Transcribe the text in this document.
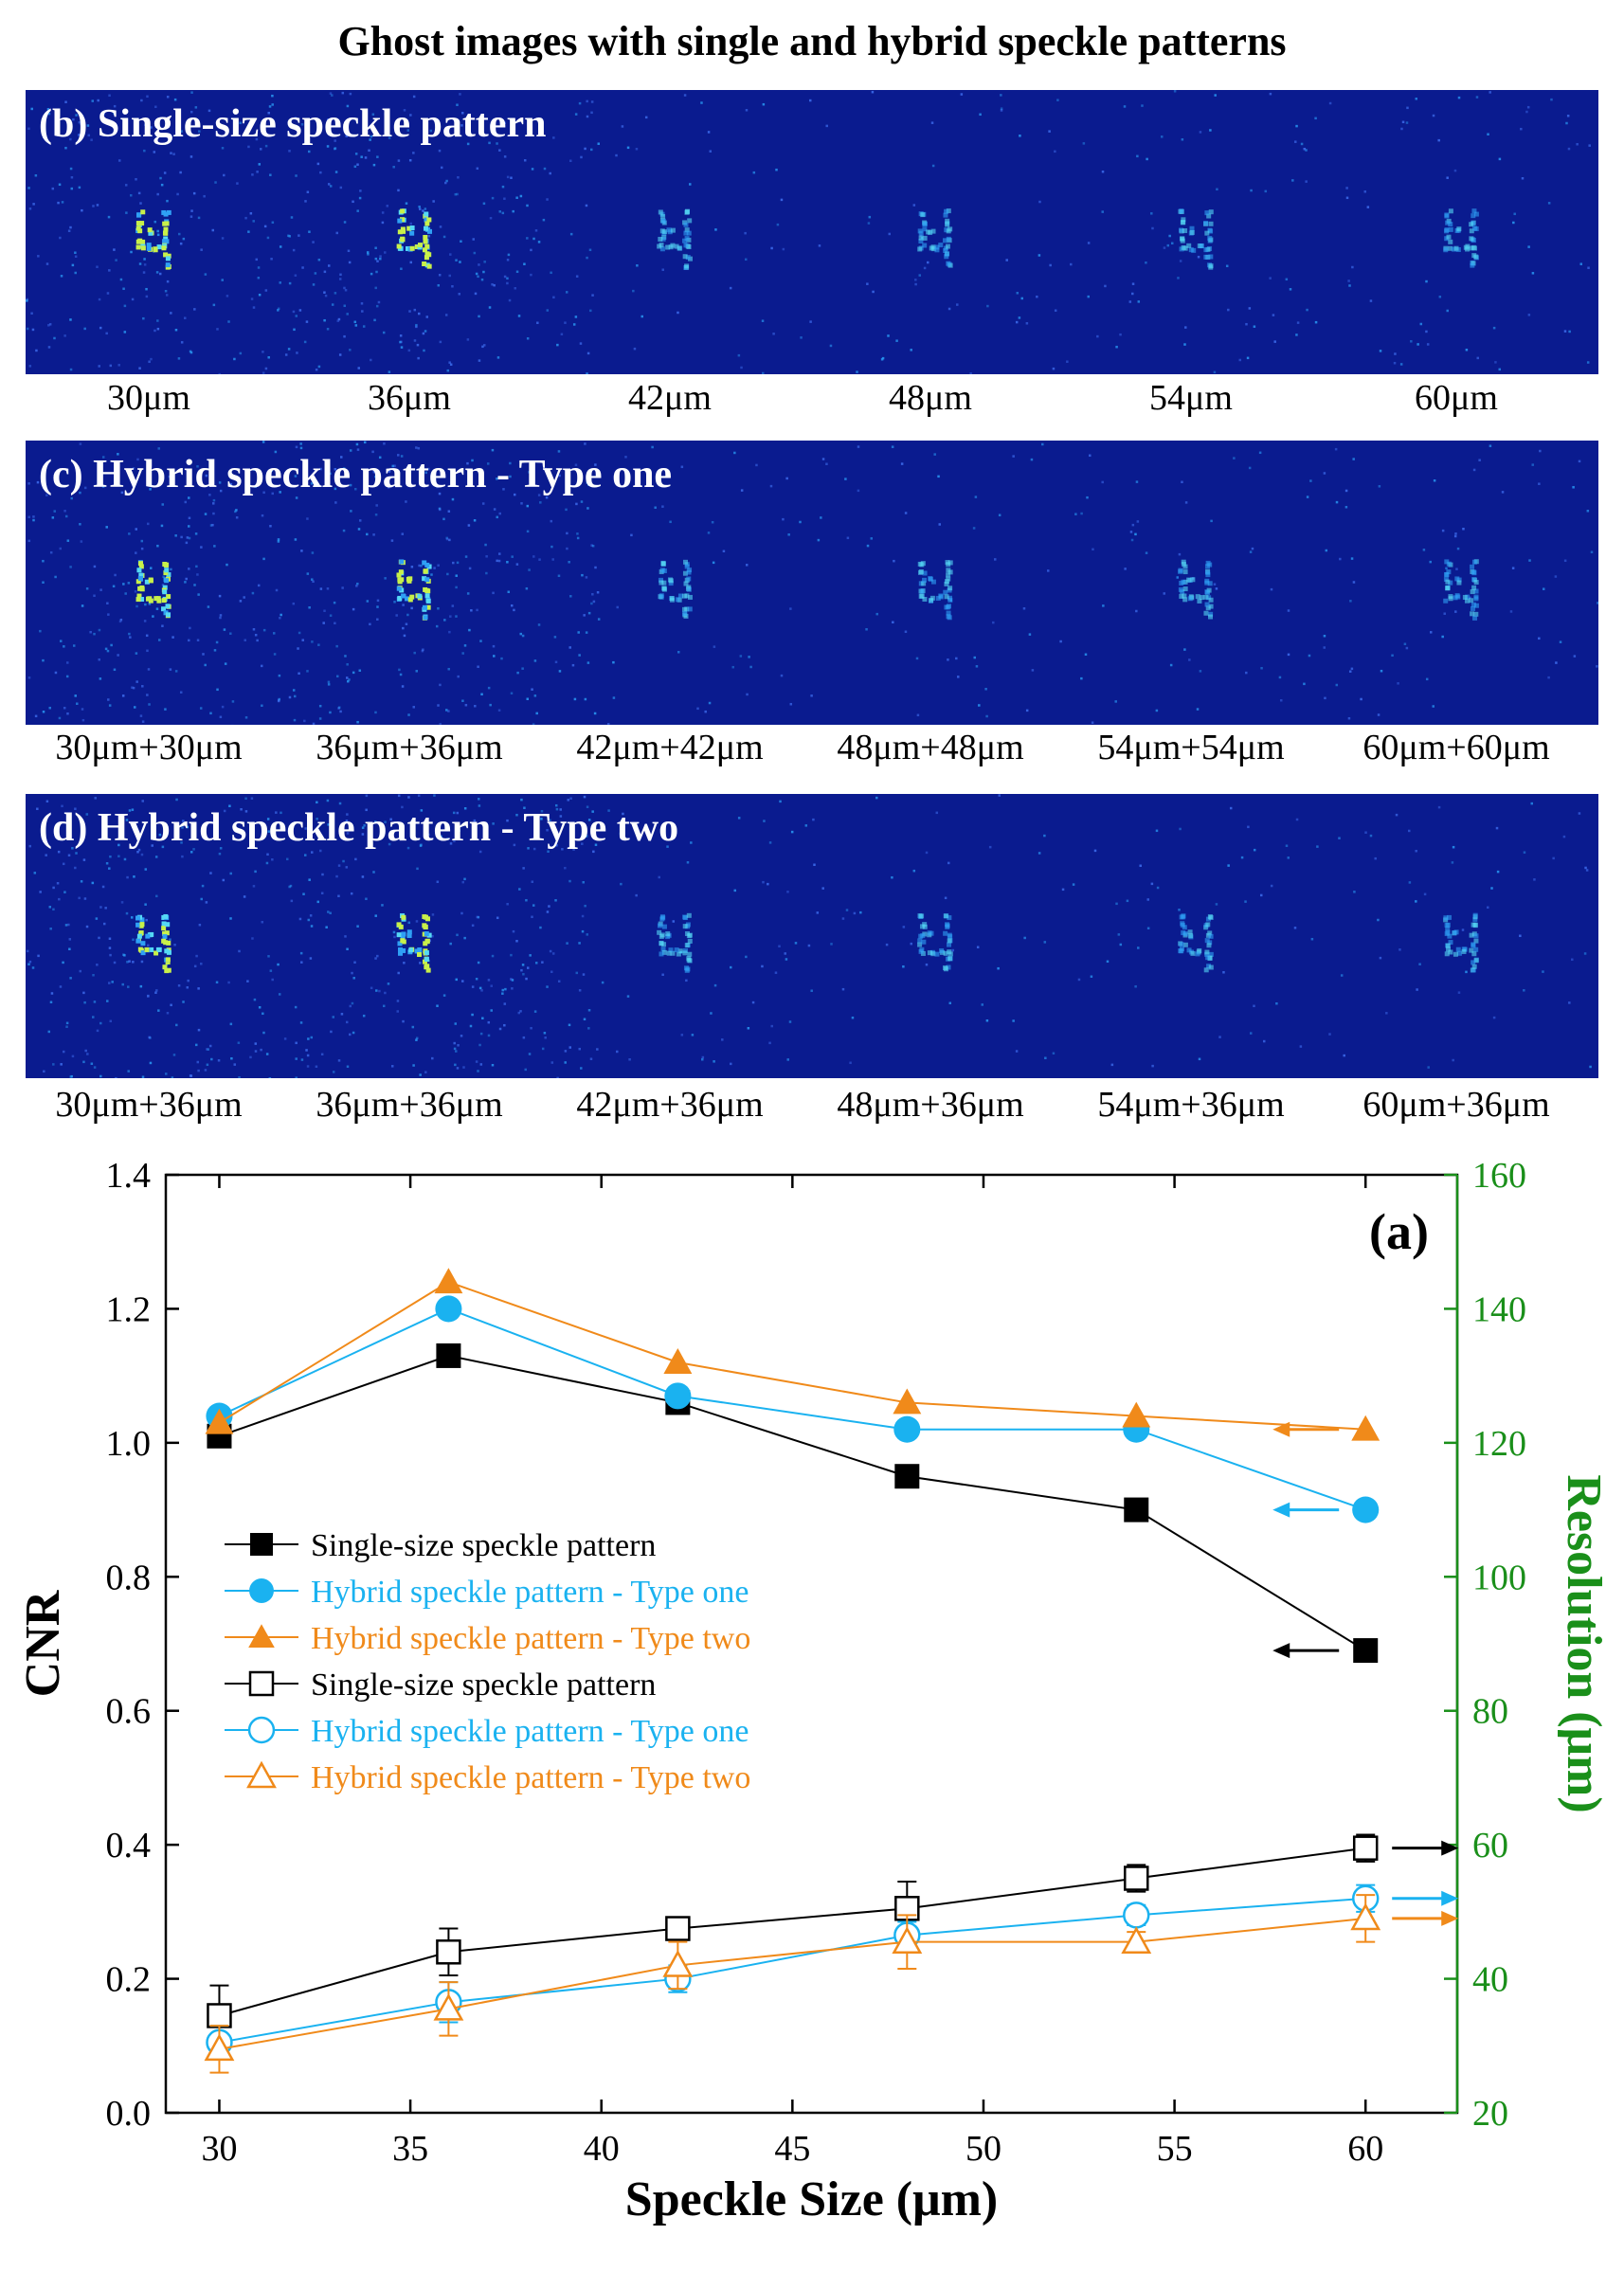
Ghost images with single and hybrid speckle patterns
(b) Single-size speckle pattern
30μm	36μm	42μm	48μm	54μm	60μm
(c) Hybrid speckle pattern - Type one
30μm+30μm 36μm+36μm 42μm+42μm 48μm+48μm 54μm+54μm 60μm+60μm
(d) Hybrid speckle pattern - Type two
30μm+36μm 36μm+36μm 42μm+36μm 48μm+36μm 54μm+36μm 60μm+36μm
30	35	40	45	50	55	60
0.0
0.2
0.4
0.6
0.8
1.0
1.2
1.4
20
40
60
80
100
120
140
160
Speckle Size (μm)
CNR	Resolution (μm)
(a)
Single-size speckle pattern
Hybrid speckle pattern - Type one
Hybrid speckle pattern - Type two
Single-size speckle pattern
Hybrid speckle pattern - Type one
Hybrid speckle pattern - Type two
